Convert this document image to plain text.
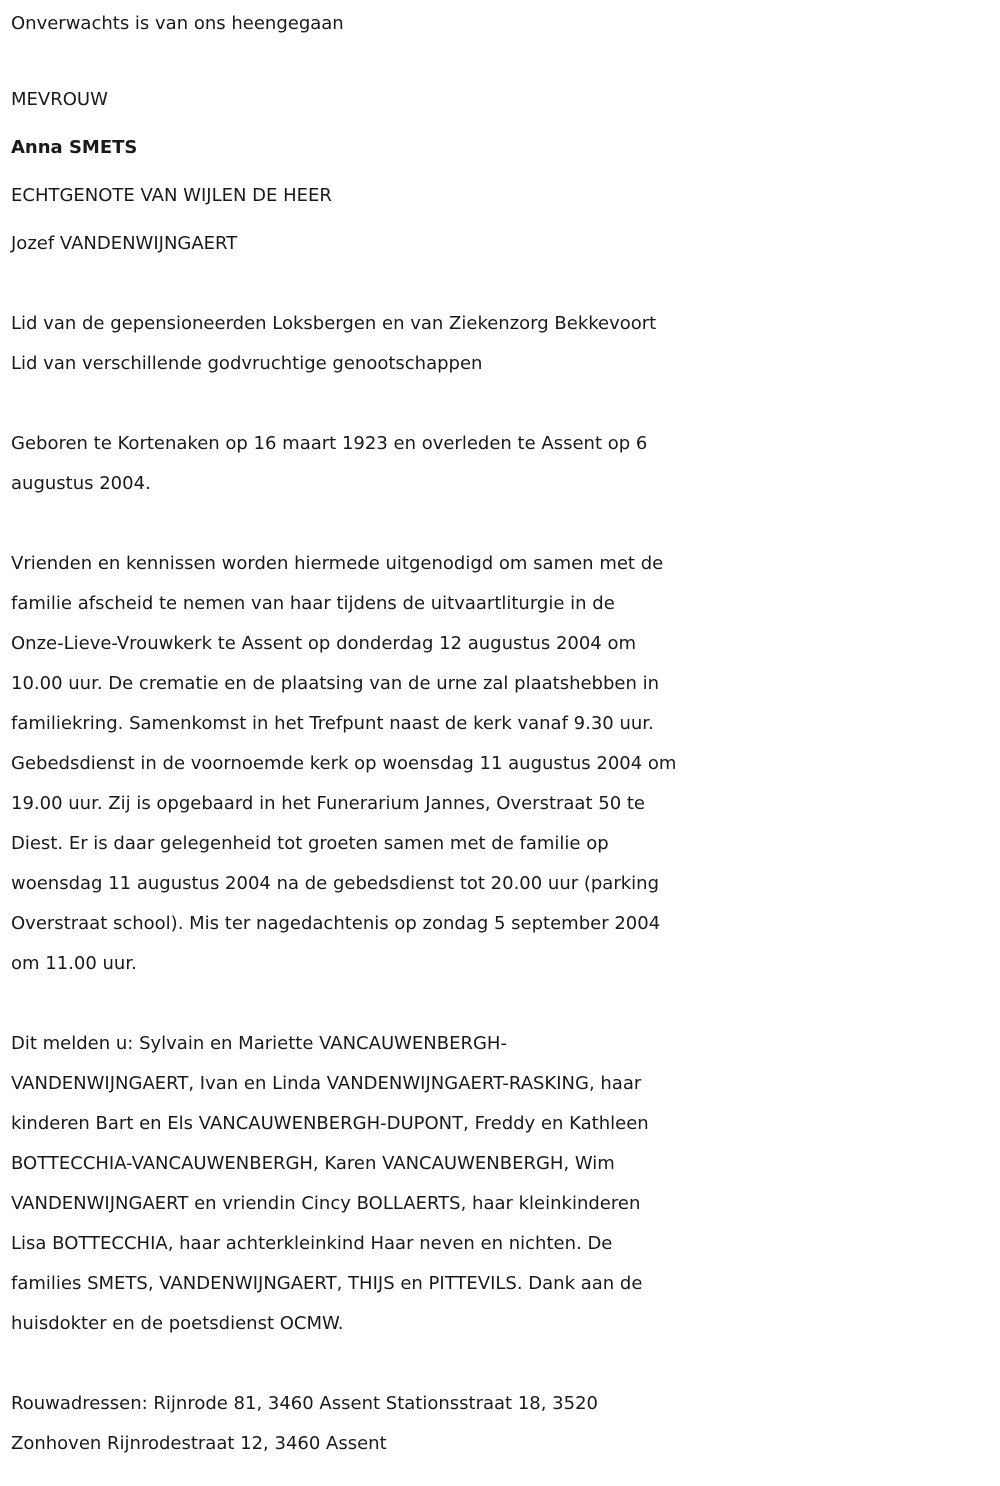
Onverwachts is van ons heengegaan
MEVROUW
Anna SMETS
ECHTGENOTE VAN WIJLEN DE HEER
Jozef VANDENWIJNGAERT
Lid van de gepensioneerden Loksbergen en van Ziekenzorg Bekkevoort
Lid van verschillende godvruchtige genootschappen
Geboren te Kortenaken op 16 maart 1923 en overleden te Assent op 6
augustus 2004.
Vrienden en kennissen worden hiermede uitgenodigd om samen met de
familie afscheid te nemen van haar tijdens de uitvaartliturgie in de
Onze-Lieve-Vrouwkerk te Assent op donderdag 12 augustus 2004 om
10.00 uur. De crematie en de plaatsing van de urne zal plaatshebben in
familiekring. Samenkomst in het Trefpunt naast de kerk vanaf 9.30 uur.
Gebedsdienst in de voornoemde kerk op woensdag 11 augustus 2004 om
19.00 uur. Zij is opgebaard in het Funerarium Jannes, Overstraat 50 te
Diest. Er is daar gelegenheid tot groeten samen met de familie op
woensdag 11 augustus 2004 na de gebedsdienst tot 20.00 uur (parking
Overstraat school). Mis ter nagedachtenis op zondag 5 september 2004
om 11.00 uur.
Dit melden u: Sylvain en Mariette VANCAUWENBERGH-
VANDENWIJNGAERT, Ivan en Linda VANDENWIJNGAERT-RASKING, haar
kinderen Bart en Els VANCAUWENBERGH-DUPONT, Freddy en Kathleen
BOTTECCHIA-VANCAUWENBERGH, Karen VANCAUWENBERGH, Wim
VANDENWIJNGAERT en vriendin Cincy BOLLAERTS, haar kleinkinderen
Lisa BOTTECCHIA, haar achterkleinkind Haar neven en nichten. De
families SMETS, VANDENWIJNGAERT, THIJS en PITTEVILS. Dank aan de
huisdokter en de poetsdienst OCMW.
Rouwadressen: Rijnrode 81, 3460 Assent Stationsstraat 18, 3520
Zonhoven Rijnrodestraat 12, 3460 Assent
